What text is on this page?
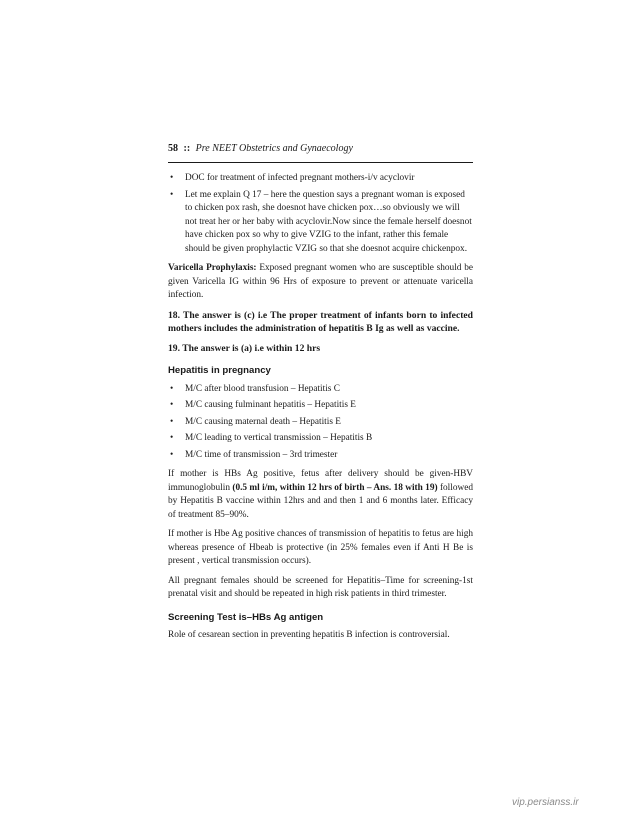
58 :: Pre NEET Obstetrics and Gynaecology
• DOC for treatment of infected pregnant mothers-i/v acyclovir
• Let me explain Q 17 – here the question says a pregnant woman is exposed to chicken pox rash, she doesnot have chicken pox…so obviously we will not treat her or her baby with acyclovir.Now since the female herself doesnot have chicken pox so why to give VZIG to the infant, rather this female should be given prophylactic VZIG so that she doesnot acquire chickenpox.

Varicella Prophylaxis: Exposed pregnant women who are susceptible should be given Varicella IG within 96 Hrs of exposure to prevent or attenuate varicella infection.

18. The answer is (c) i.e The proper treatment of infants born to infected mothers includes the administration of hepatitis B Ig as well as vaccine.

19. The answer is (a) i.e within 12 hrs

Hepatitis in pregnancy
• M/C after blood transfusion – Hepatitis C
• M/C causing fulminant hepatitis – Hepatitis E
• M/C causing maternal death – Hepatitis E
• M/C leading to vertical transmission – Hepatitis B
• M/C time of transmission – 3rd trimester

If mother is HBs Ag positive, fetus after delivery should be given-HBV immunoglobulin (0.5 ml i/m, within 12 hrs of birth – Ans. 18 with 19) followed by Hepatitis B vaccine within 12hrs and and then 1 and 6 months later. Efficacy of treatment 85–90%.

If mother is Hbe Ag positive chances of transmission of hepatitis to fetus are high whereas presence of Hbeab is protective (in 25% females even if Anti H Be is present , vertical transmission occurs).

All pregnant females should be screened for Hepatitis–Time for screening-1st prenatal visit and should be repeated in high risk patients in third trimester.

Screening Test is–HBs Ag antigen

Role of cesarean section in preventing hepatitis B infection is controversial.

vip.persianss.ir
